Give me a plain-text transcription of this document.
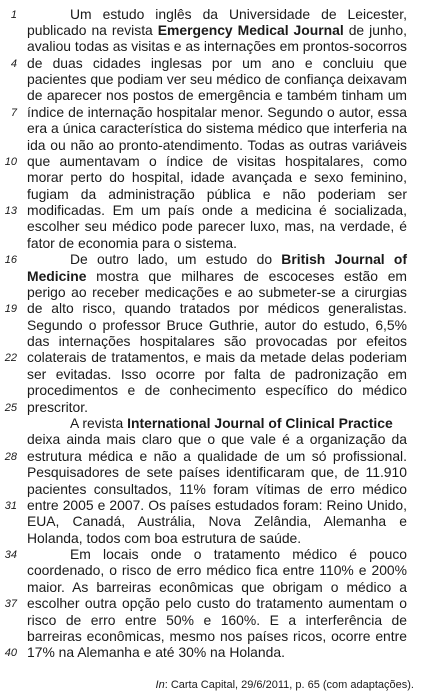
Um estudo inglês da Universidade de Leicester,
publicado na revista Emergency Medical Journal de junho,
avaliou todas as visitas e as internações em prontos-socorros
de duas cidades inglesas por um ano e concluiu que
pacientes que podiam ver seu médico de confiança deixavam
de aparecer nos postos de emergência e também tinham um
índice de internação hospitalar menor. Segundo o autor, essa
era a única característica do sistema médico que interferia na
ida ou não ao pronto-atendimento. Todas as outras variáveis
que aumentavam o índice de visitas hospitalares, como
morar perto do hospital, idade avançada e sexo feminino,
fugiam da administração pública e não poderiam ser
modificadas. Em um país onde a medicina é socializada,
escolher seu médico pode parecer luxo, mas, na verdade, é
fator de economia para o sistema.
De outro lado, um estudo do British Journal of
Medicine mostra que milhares de escoceses estão em
perigo ao receber medicações e ao submeter-se a cirurgias
de alto risco, quando tratados por médicos generalistas.
Segundo o professor Bruce Guthrie, autor do estudo, 6,5%
das internações hospitalares são provocadas por efeitos
colaterais de tratamentos, e mais da metade delas poderiam
ser evitadas. Isso ocorre por falta de padronização em
procedimentos e de conhecimento específico do médico
prescritor.
A revista International Journal of Clinical Practice
deixa ainda mais claro que o que vale é a organização da
estrutura médica e não a qualidade de um só profissional.
Pesquisadores de sete países identificaram que, de 11.910
pacientes consultados, 11% foram vítimas de erro médico
entre 2005 e 2007. Os países estudados foram: Reino Unido,
EUA, Canadá, Austrália, Nova Zelândia, Alemanha e
Holanda, todos com boa estrutura de saúde.
Em locais onde o tratamento médico é pouco
coordenado, o risco de erro médico fica entre 110% e 200%
maior. As barreiras econômicas que obrigam o médico a
escolher outra opção pelo custo do tratamento aumentam o
risco de erro entre 50% e 160%. E a interferência de
barreiras econômicas, mesmo nos países ricos, ocorre entre
17% na Alemanha e até 30% na Holanda.
1
4
7
10
13
16
19
22
25
28
31
34
37
40
In: Carta Capital, 29/6/2011, p. 65 (com adaptações).
